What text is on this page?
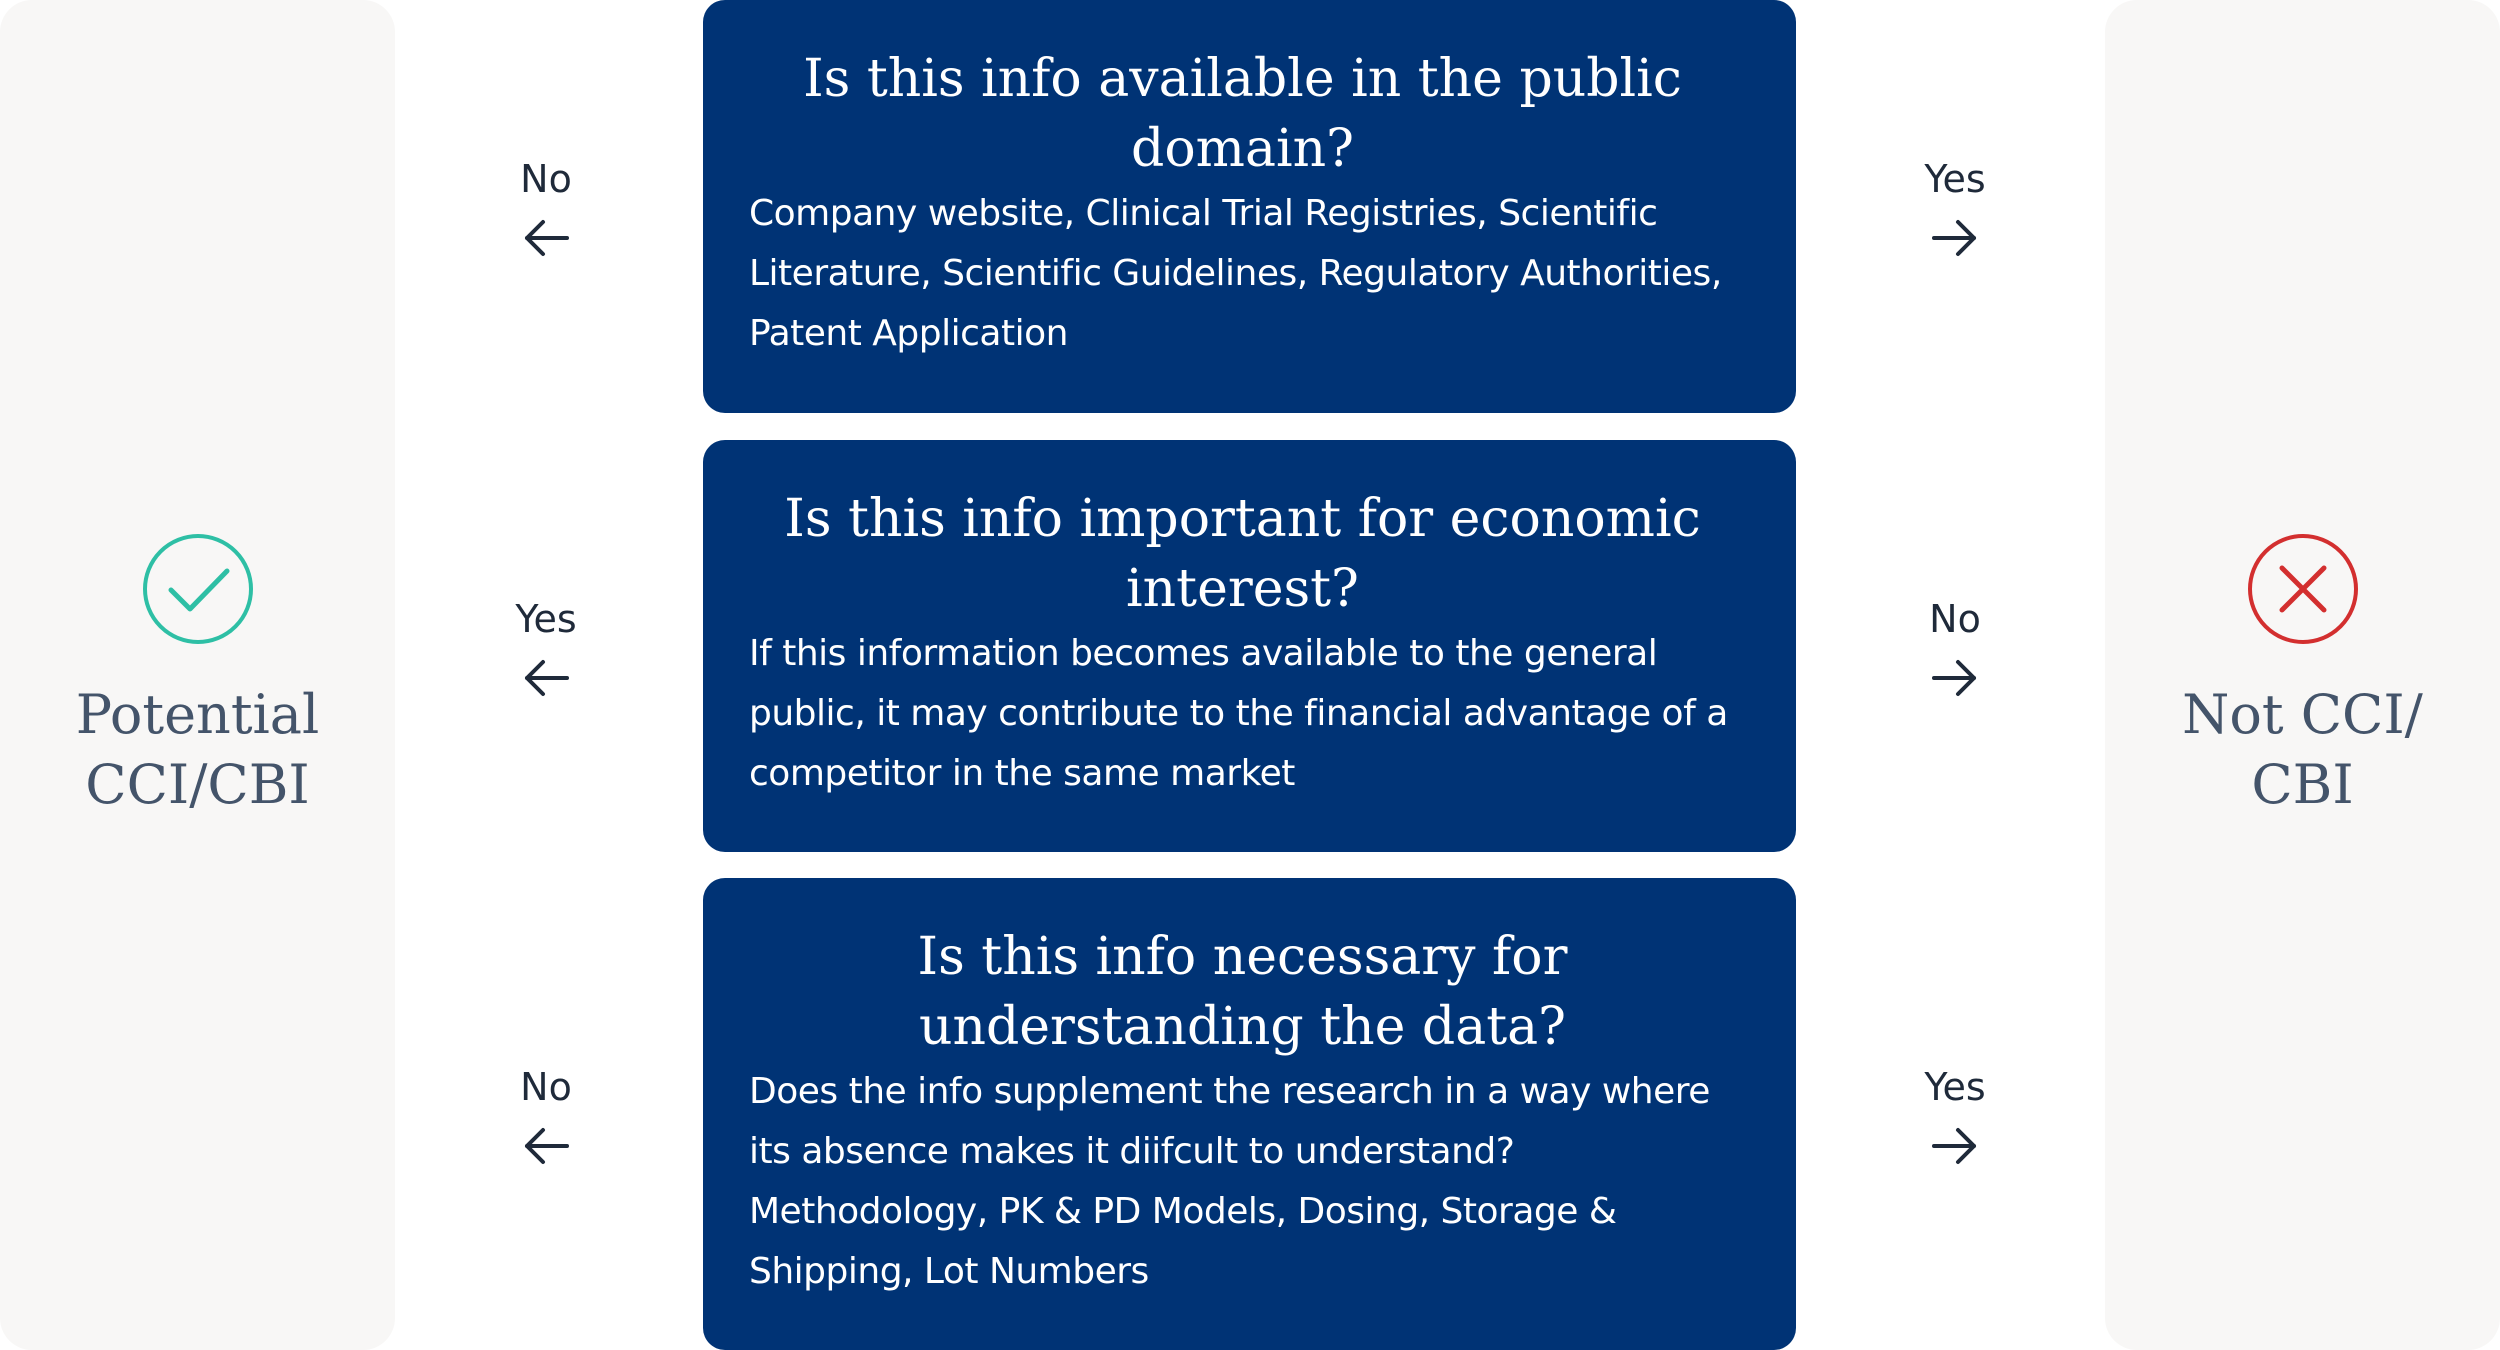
Potential
CCI/CBI

Not CCI/
CBI

Is this info available in the public
domain?

Company website, Clinical Trial Registries, Scientific Literature, Scientific Guidelines, Regulatory Authorities, Patent Application

Is this info important for economic
interest?

If this information becomes available to the general public, it may contribute to the financial advantage of a competitor in the same market

Is this info necessary for
understanding the data?

Does the info supplement the research in a way where its absence makes it diifcult to understand? Methodology, PK & PD Models, Dosing, Storage & Shipping, Lot Numbers

No	Yes
Yes	No
No	Yes
